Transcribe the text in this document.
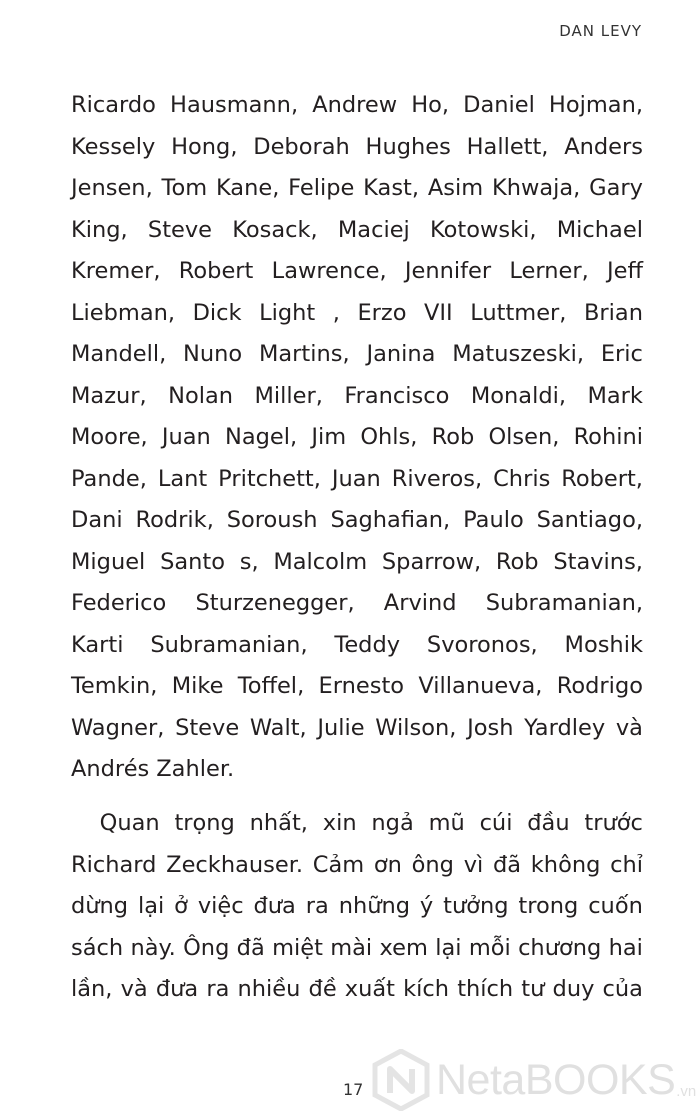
DAN LEVY
Ricardo Hausmann, Andrew Ho, Daniel Hojman,
Kessely Hong, Deborah Hughes Hallett, Anders
Jensen, Tom Kane, Felipe Kast, Asim Khwaja, Gary
King, Steve Kosack, Maciej Kotowski, Michael
Kremer, Robert Lawrence, Jennifer Lerner, Jeff
Liebman, Dick Light , Erzo VII Luttmer, Brian
Mandell, Nuno Martins, Janina Matuszeski, Eric
Mazur, Nolan Miller, Francisco Monaldi, Mark
Moore, Juan Nagel, Jim Ohls, Rob Olsen, Rohini
Pande, Lant Pritchett, Juan Riveros, Chris Robert,
Dani Rodrik, Soroush Saghafian, Paulo Santiago,
Miguel Santo s, Malcolm Sparrow, Rob Stavins,
Federico Sturzenegger, Arvind Subramanian,
Karti Subramanian, Teddy Svoronos, Moshik
Temkin, Mike Toffel, Ernesto Villanueva, Rodrigo
Wagner, Steve Walt, Julie Wilson, Josh Yardley và
Andrés Zahler.
Quan trọng nhất, xin ngả mũ cúi đầu trước
Richard Zeckhauser. Cảm ơn ông vì đã không chỉ
dừng lại ở việc đưa ra những ý tưởng trong cuốn
sách này. Ông đã miệt mài xem lại mỗi chương hai
lần, và đưa ra nhiều đề xuất kích thích tư duy của
17 NetaBOOKS .vn
